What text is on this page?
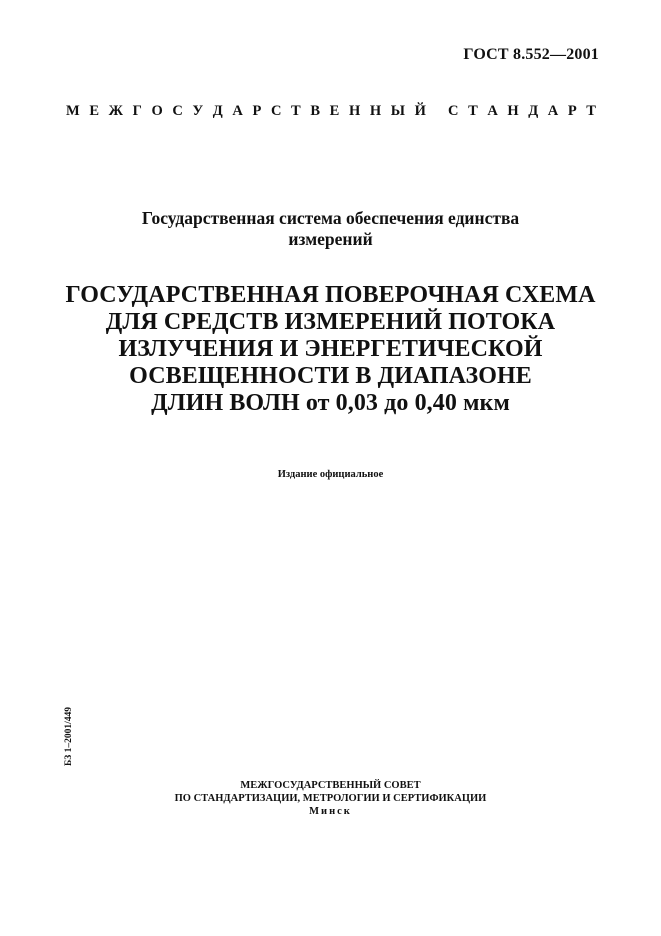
ГОСТ 8.552—2001
М Е Ж Г О С У Д А Р С Т В Е Н Н Ы Й С Т А Н Д А Р Т
Государственная система обеспечения единства
измерений
ГОСУДАРСТВЕННАЯ ПОВЕРОЧНАЯ СХЕМА
ДЛЯ СРЕДСТВ ИЗМЕРЕНИЙ ПОТОКА
ИЗЛУЧЕНИЯ И ЭНЕРГЕТИЧЕСКОЙ
ОСВЕЩЕННОСТИ В ДИАПАЗОНЕ
ДЛИН ВОЛН от 0,03 до 0,40 мкм
Издание официальное
БЗ 1–2001/449
МЕЖГОСУДАРСТВЕННЫЙ СОВЕТ
ПО СТАНДАРТИЗАЦИИ, МЕТРОЛОГИИ И СЕРТИФИКАЦИИ
Минск
